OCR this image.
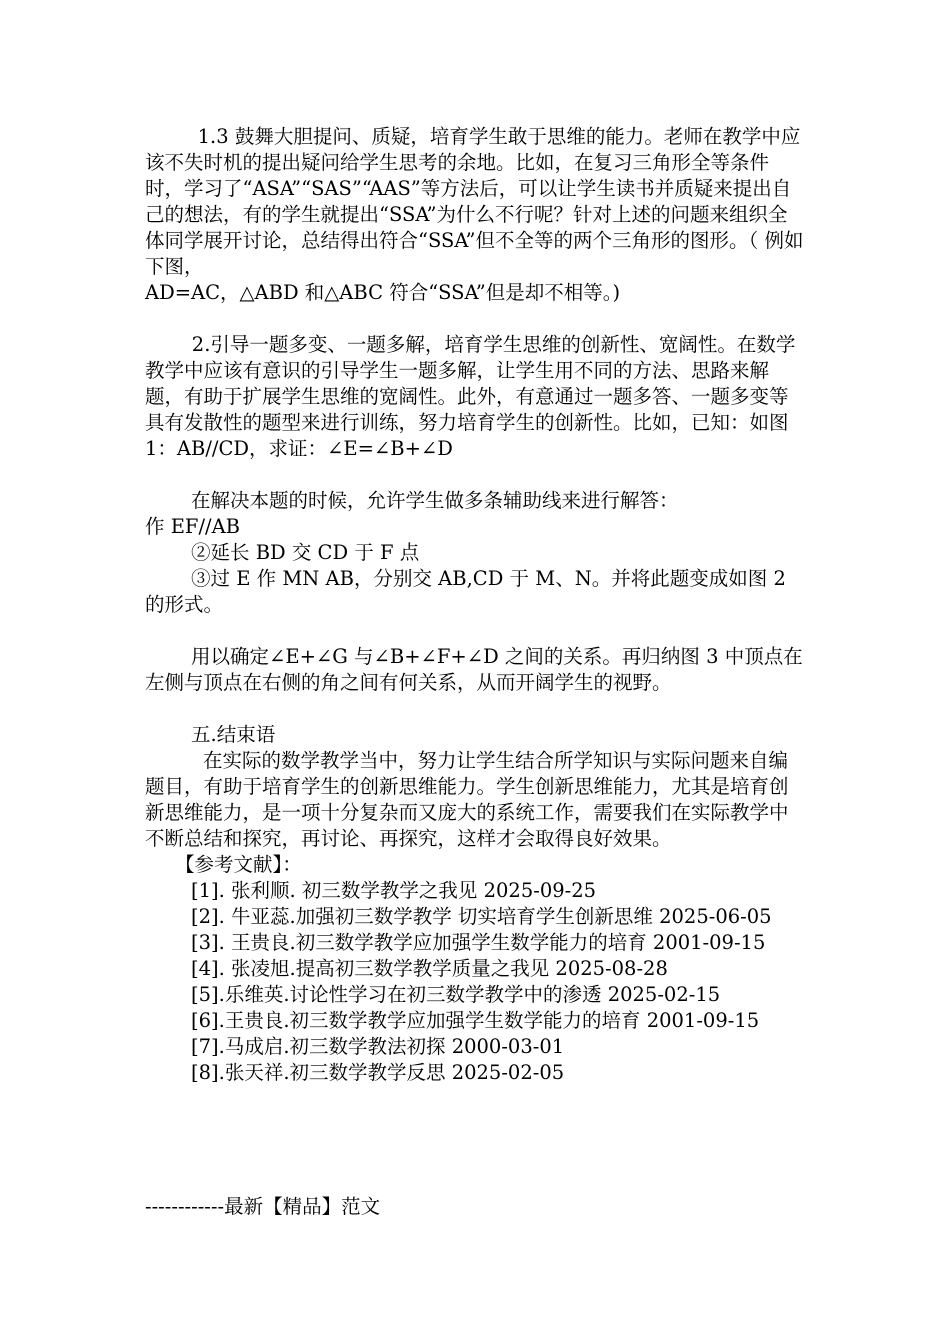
1.3 鼓舞大胆提问、质疑，培育学生敢于思维的能力。老师在教学中应该不失时机的提出疑问给学生思考的余地。比如，在复习三角形全等条件时，学习了“ASA”“SAS”“AAS”等方法后，可以让学生读书并质疑来提出自己的想法，有的学生就提出“SSA”为什么不行呢？针对上述的问题来组织全体同学展开讨论，总结得出符合“SSA”但不全等的两个三角形的图形。（ 例如下图，

AD=AC，△ABD 和△ABC 符合“SSA”但是却不相等。)

2.引导一题多变、一题多解，培育学生思维的创新性、宽阔性。在数学教学中应该有意识的引导学生一题多解，让学生用不同的方法、思路来解题，有助于扩展学生思维的宽阔性。此外，有意通过一题多答、一题多变等具有发散性的题型来进行训练，努力培育学生的创新性。比如，已知：如图 1：AB//CD，求证：∠E=∠B+∠D

在解决本题的时候，允许学生做多条辅助线来进行解答：

作 EF//AB

②延长 BD 交 CD 于 F 点

③过 E 作 MN AB，分别交 AB,CD 于 M、N。并将此题变成如图 2 的形式。

用以确定∠E+∠G 与∠B+∠F+∠D 之间的关系。再归纳图 3 中顶点在左侧与顶点在右侧的角之间有何关系，从而开阔学生的视野。

五.结束语

在实际的数学教学当中，努力让学生结合所学知识与实际问题来自编题目，有助于培育学生的创新思维能力。学生创新思维能力，尤其是培育创新思维能力，是一项十分复杂而又庞大的系统工作，需要我们在实际教学中不断总结和探究，再讨论、再探究，这样才会取得良好效果。

【参考文献】：

[1]. 张利顺. 初三数学教学之我见 2025-09-25

[2]. 牛亚蕊.加强初三数学教学 切实培育学生创新思维 2025-06-05

[3]. 王贵良.初三数学教学应加强学生数学能力的培育 2001-09-15

[4]. 张凌旭.提高初三数学教学质量之我见 2025-08-28

[5].乐维英.讨论性学习在初三数学教学中的渗透 2025-02-15

[6].王贵良.初三数学教学应加强学生数学能力的培育 2001-09-15

[7].马成启.初三数学教法初探 2000-03-01

[8].张天祥.初三数学教学反思 2025-02-05

------------最新【精品】范文
